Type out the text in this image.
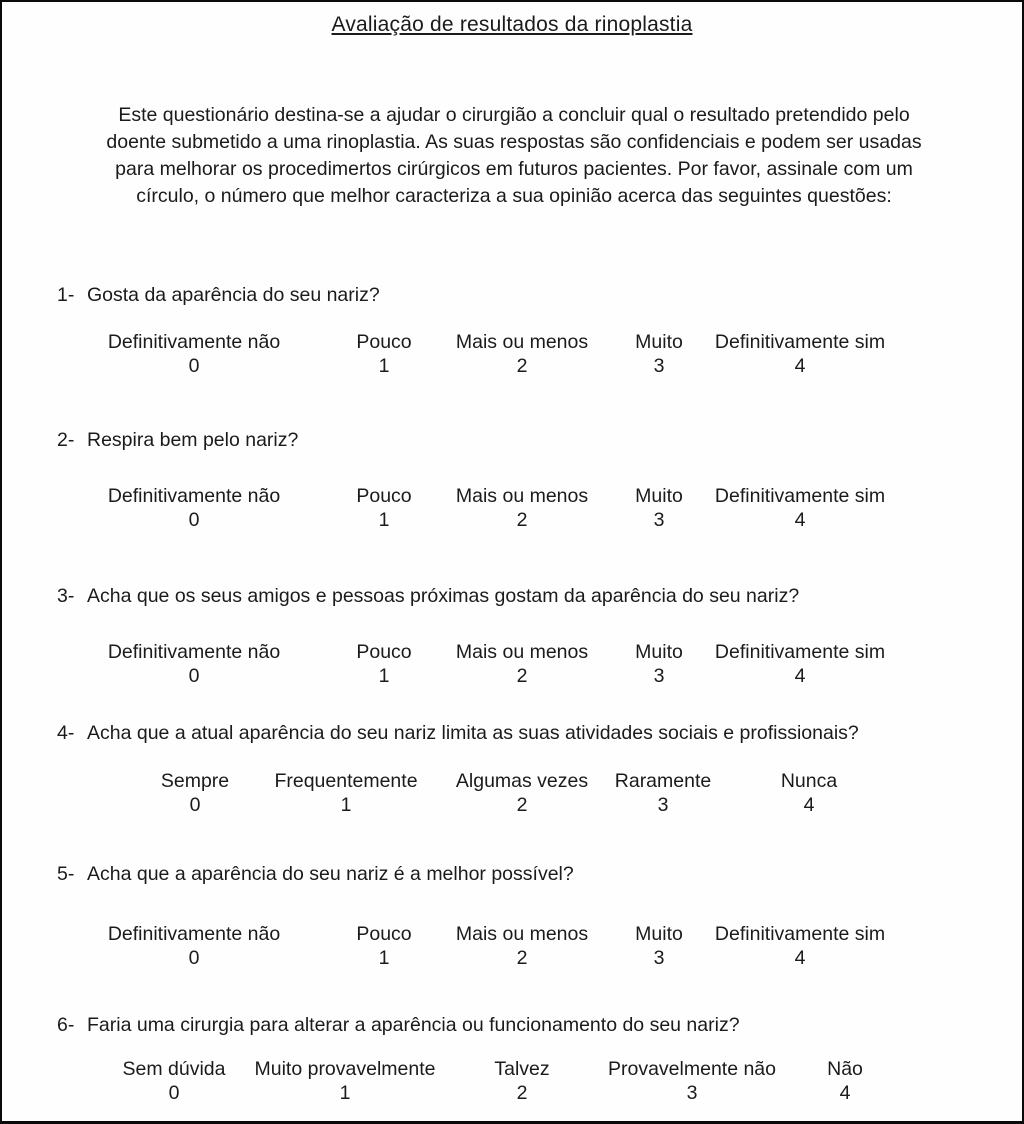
Avaliação de resultados da rinoplastia
Este questionário destina-se a ajudar o cirurgião a concluir qual o resultado pretendido pelo
doente submetido a uma rinoplastia. As suas respostas são confidenciais e podem ser usadas
para melhorar os procedimertos cirúrgicos em futuros pacientes. Por favor, assinale com um
círculo, o número que melhor caracteriza a sua opinião acerca das seguintes questões:
1- Gosta da aparência do seu nariz?
Definitivamente não
0
Pouco
1
Mais ou menos
2
Muito
3
Definitivamente sim
4
2- Respira bem pelo nariz?
Definitivamente não
0
Pouco
1
Mais ou menos
2
Muito
3
Definitivamente sim
4
3- Acha que os seus amigos e pessoas próximas gostam da aparência do seu nariz?
Definitivamente não
0
Pouco
1
Mais ou menos
2
Muito
3
Definitivamente sim
4
4- Acha que a atual aparência do seu nariz limita as suas atividades sociais e profissionais?
Sempre
0
Frequentemente
1
Algumas vezes
2
Raramente
3
Nunca
4
5- Acha que a aparência do seu nariz é a melhor possível?
Definitivamente não
0
Pouco
1
Mais ou menos
2
Muito
3
Definitivamente sim
4
6- Faria uma cirurgia para alterar a aparência ou funcionamento do seu nariz?
Sem dúvida
0
Muito provavelmente
1
Talvez
2
Provavelmente não
3
Não
4
